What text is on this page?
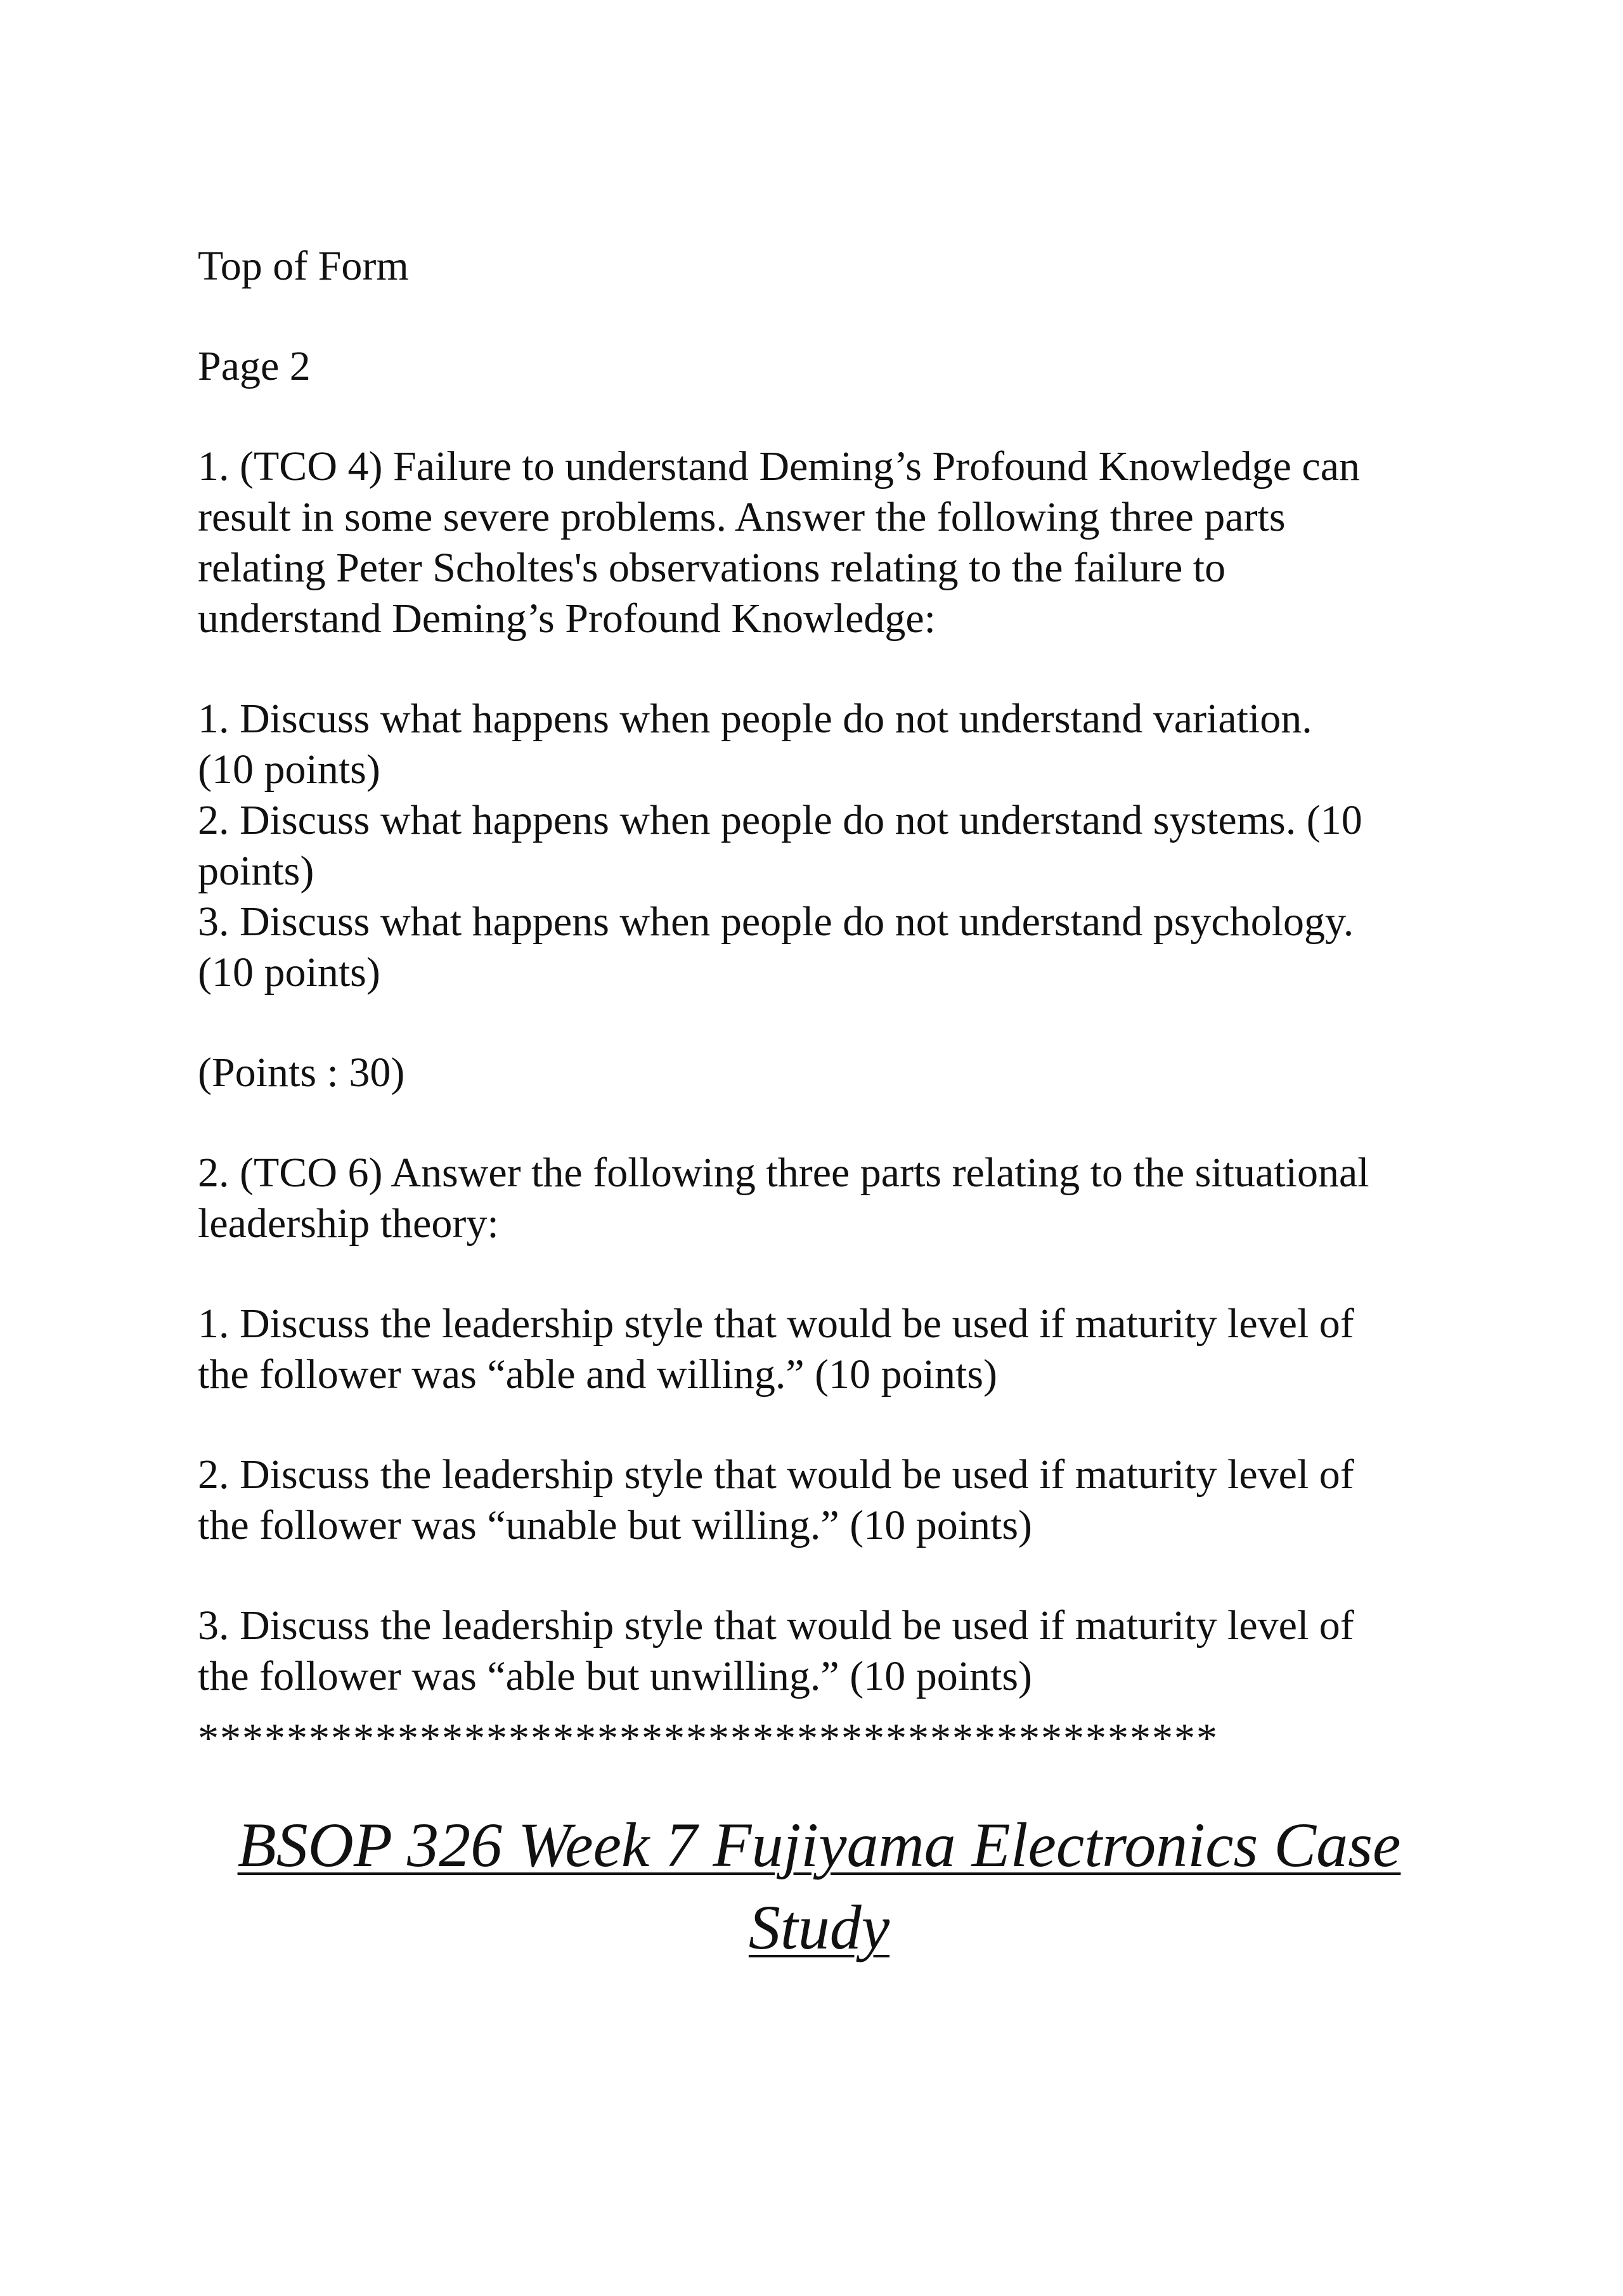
Top of Form

Page 2

1. (TCO 4) Failure to understand Deming’s Profound Knowledge can
result in some severe problems. Answer the following three parts
relating Peter Scholtes's observations relating to the failure to
understand Deming’s Profound Knowledge:

1. Discuss what happens when people do not understand variation.
(10 points)
2. Discuss what happens when people do not understand systems. (10
points)
3. Discuss what happens when people do not understand psychology.
(10 points)

(Points : 30)

2. (TCO 6) Answer the following three parts relating to the situational
leadership theory:

1. Discuss the leadership style that would be used if maturity level of
the follower was “able and willing.” (10 points)

2. Discuss the leadership style that would be used if maturity level of
the follower was “unable but willing.” (10 points)

3. Discuss the leadership style that would be used if maturity level of
the follower was “able but unwilling.” (10 points)

**********************************************
BSOP 326 Week 7 Fujiyama Electronics Case
Study
